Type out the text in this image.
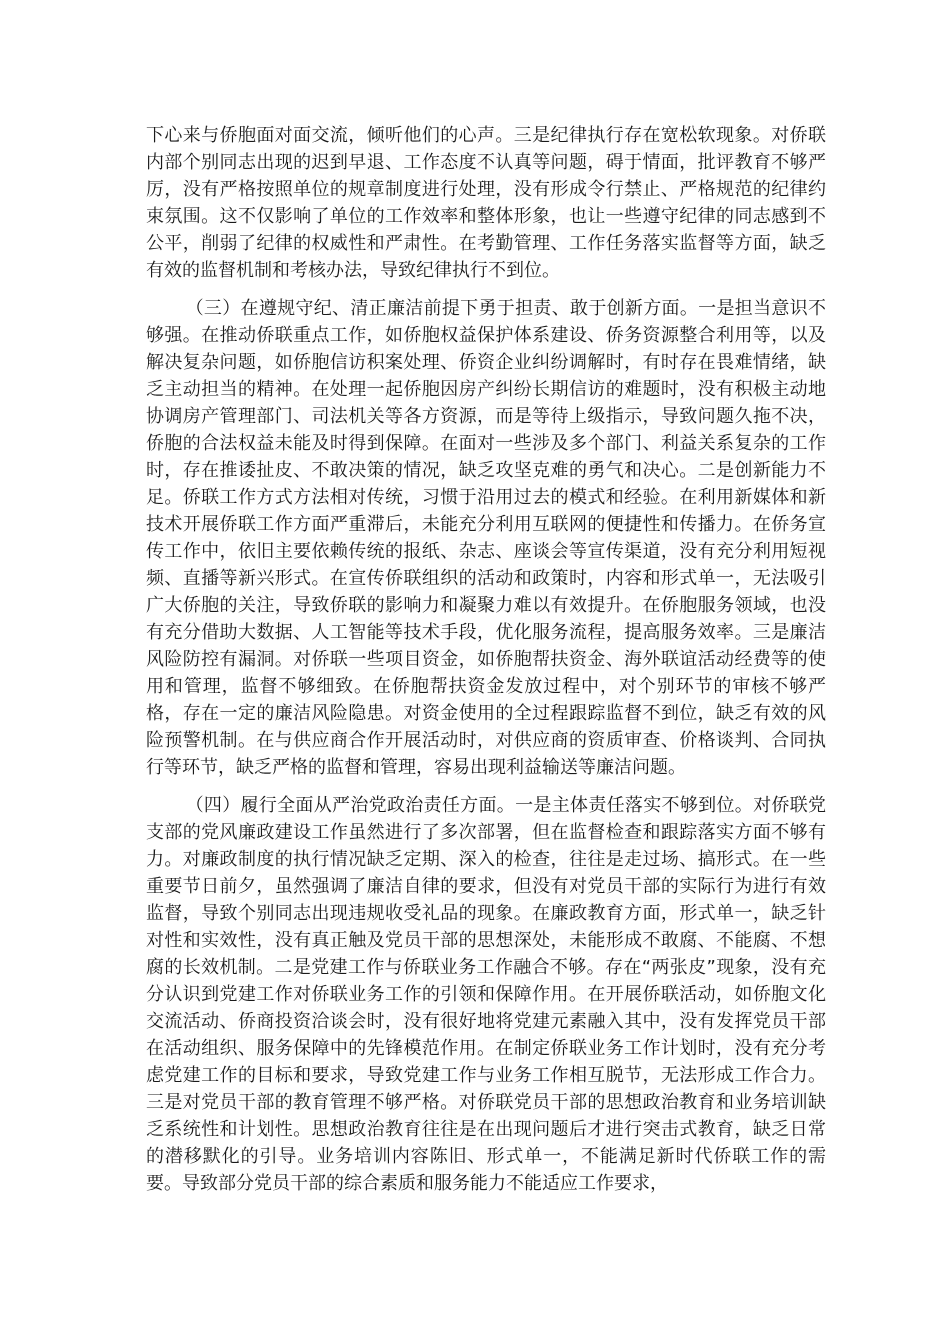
下心来与侨胞面对面交流，倾听他们的心声。三是纪律执行存在宽松软现象。对侨联内部个别同志出现的迟到早退、工作态度不认真等问题，碍于情面，批评教育不够严厉，没有严格按照单位的规章制度进行处理，没有形成令行禁止、严格规范的纪律约束氛围。这不仅影响了单位的工作效率和整体形象，也让一些遵守纪律的同志感到不公平，削弱了纪律的权威性和严肃性。在考勤管理、工作任务落实监督等方面，缺乏有效的监督机制和考核办法，导致纪律执行不到位。

（三）在遵规守纪、清正廉洁前提下勇于担责、敢于创新方面。一是担当意识不够强。在推动侨联重点工作，如侨胞权益保护体系建设、侨务资源整合利用等，以及解决复杂问题，如侨胞信访积案处理、侨资企业纠纷调解时，有时存在畏难情绪，缺乏主动担当的精神。在处理一起侨胞因房产纠纷长期信访的难题时，没有积极主动地协调房产管理部门、司法机关等各方资源，而是等待上级指示，导致问题久拖不决，侨胞的合法权益未能及时得到保障。在面对一些涉及多个部门、利益关系复杂的工作时，存在推诿扯皮、不敢决策的情况，缺乏攻坚克难的勇气和决心。二是创新能力不足。侨联工作方式方法相对传统，习惯于沿用过去的模式和经验。在利用新媒体和新技术开展侨联工作方面严重滞后，未能充分利用互联网的便捷性和传播力。在侨务宣传工作中，依旧主要依赖传统的报纸、杂志、座谈会等宣传渠道，没有充分利用短视频、直播等新兴形式。在宣传侨联组织的活动和政策时，内容和形式单一，无法吸引广大侨胞的关注，导致侨联的影响力和凝聚力难以有效提升。在侨胞服务领域，也没有充分借助大数据、人工智能等技术手段，优化服务流程，提高服务效率。三是廉洁风险防控有漏洞。对侨联一些项目资金，如侨胞帮扶资金、海外联谊活动经费等的使用和管理，监督不够细致。在侨胞帮扶资金发放过程中，对个别环节的审核不够严格，存在一定的廉洁风险隐患。对资金使用的全过程跟踪监督不到位，缺乏有效的风险预警机制。在与供应商合作开展活动时，对供应商的资质审查、价格谈判、合同执行等环节，缺乏严格的监督和管理，容易出现利益输送等廉洁问题。

（四）履行全面从严治党政治责任方面。一是主体责任落实不够到位。对侨联党支部的党风廉政建设工作虽然进行了多次部署，但在监督检查和跟踪落实方面不够有力。对廉政制度的执行情况缺乏定期、深入的检查，往往是走过场、搞形式。在一些重要节日前夕，虽然强调了廉洁自律的要求，但没有对党员干部的实际行为进行有效监督，导致个别同志出现违规收受礼品的现象。在廉政教育方面，形式单一，缺乏针对性和实效性，没有真正触及党员干部的思想深处，未能形成不敢腐、不能腐、不想腐的长效机制。二是党建工作与侨联业务工作融合不够。存在“两张皮”现象，没有充分认识到党建工作对侨联业务工作的引领和保障作用。在开展侨联活动，如侨胞文化交流活动、侨商投资洽谈会时，没有很好地将党建元素融入其中，没有发挥党员干部在活动组织、服务保障中的先锋模范作用。在制定侨联业务工作计划时，没有充分考虑党建工作的目标和要求，导致党建工作与业务工作相互脱节，无法形成工作合力。三是对党员干部的教育管理不够严格。对侨联党员干部的思想政治教育和业务培训缺乏系统性和计划性。思想政治教育往往是在出现问题后才进行突击式教育，缺乏日常的潜移默化的引导。业务培训内容陈旧、形式单一，不能满足新时代侨联工作的需要。导致部分党员干部的综合素质和服务能力不能适应工作要求，
